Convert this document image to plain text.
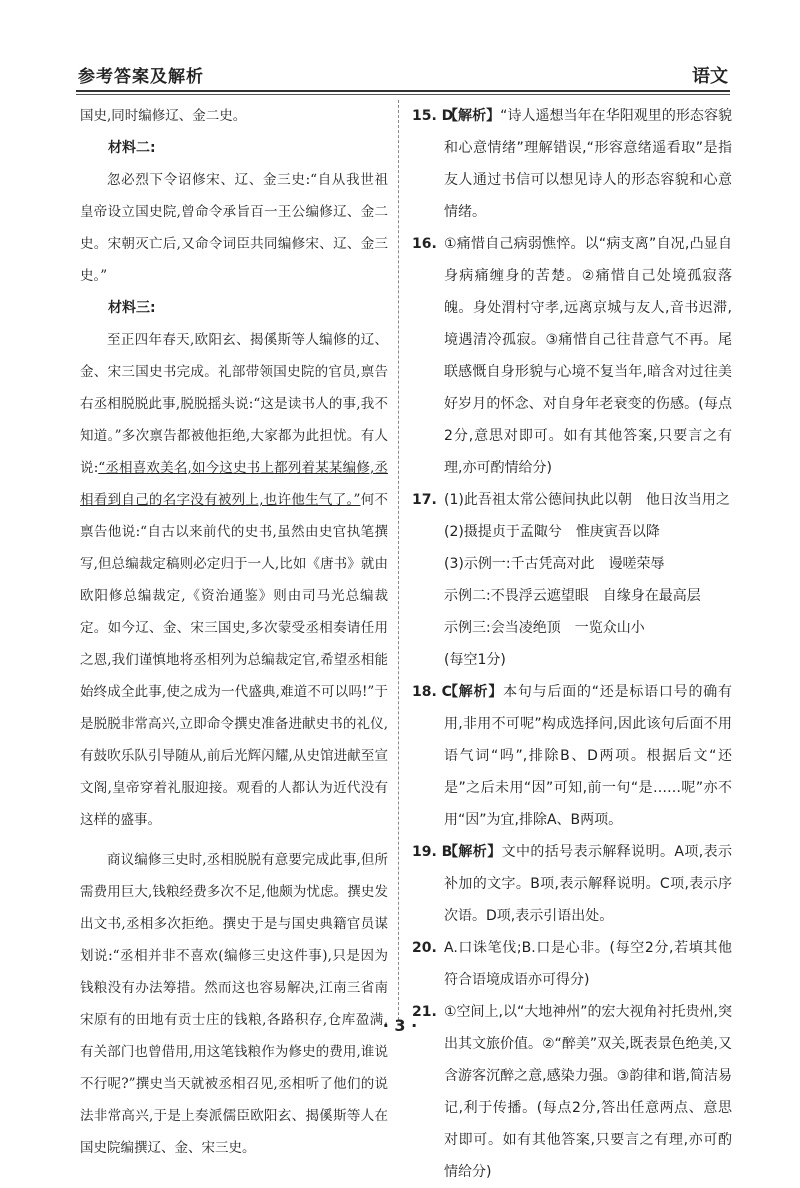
参考答案及解析	语文

国史,同时编修辽、金二史。

材料二:

忽必烈下令诏修宋、辽、金三史:“自从我世祖皇帝设立国史院,曾命令承旨百一王公编修辽、金二史。宋朝灭亡后,又命令词臣共同编修宋、辽、金三史。”

材料三:

至正四年春天,欧阳玄、揭傒斯等人编修的辽、金、宋三国史书完成。礼部带领国史院的官员,禀告右丞相脱脱此事,脱脱摇头说:“这是读书人的事,我不知道。”多次禀告都被他拒绝,大家都为此担忧。有人说:“丞相喜欢美名,如今这史书上都列着某某编修,丞相看到自己的名字没有被列上,也许他生气了。”何不禀告他说:“自古以来前代的史书,虽然由史官执笔撰写,但总编裁定稿则必定归于一人,比如《唐书》就由欧阳修总编裁定,《资治通鉴》则由司马光总编裁定。如今辽、金、宋三国史,多次蒙受丞相奏请任用之恩,我们谨慎地将丞相列为总编裁定官,希望丞相能始终成全此事,使之成为一代盛典,难道不可以吗!”于是脱脱非常高兴,立即命令撰史准备进献史书的礼仪,有鼓吹乐队引导随从,前后光辉闪耀,从史馆进献至宣文阁,皇帝穿着礼服迎接。观看的人都认为近代没有这样的盛事。

商议编修三史时,丞相脱脱有意要完成此事,但所需费用巨大,钱粮经费多次不足,他颇为忧虑。撰史发出文书,丞相多次拒绝。撰史于是与国史典籍官员谋划说:“丞相并非不喜欢(编修三史这件事),只是因为钱粮没有办法筹措。然而这也容易解决,江南三省南宋原有的田地有贡士庄的钱粮,各路积存,仓库盈满,有关部门也曾借用,用这笔钱粮作为修史的费用,谁说不行呢?”撰史当天就被丞相召见,丞相听了他们的说法非常高兴,于是上奏派儒臣欧阳玄、揭傒斯等人在国史院编撰辽、金、宋三史。

15. D

【解析】“诗人遥想当年在华阳观里的形态容貌和心意情绪”理解错误,“形容意绪遥看取”是指友人通过书信可以想见诗人的形态容貌和心意情绪。

16. ①痛惜自己病弱憔悴。以“病支离”自况,凸显自身病痛缠身的苦楚。②痛惜自己处境孤寂落魄。身处渭村守孝,远离京城与友人,音书迟滞,境遇清冷孤寂。③痛惜自己往昔意气不再。尾联感慨自身形貌与心境不复当年,暗含对过往美好岁月的怀念、对自身年老衰变的伤感。(每点2分,意思对即可。如有其他答案,只要言之有理,亦可酌情给分)

17. (1)此吾祖太常公德间执此以朝　他日汝当用之

(2)摄提贞于孟陬兮　惟庚寅吾以降

(3)示例一:千古凭高对此　谩嗟荣辱

示例二:不畏浮云遮望眼　自缘身在最高层

示例三:会当凌绝顶　一览众山小

(每空1分)

18. C

【解析】本句与后面的“还是标语口号的确有用,非用不可呢”构成选择问,因此该句后面不用语气词“吗”,排除B、D两项。根据后文“还是”之后未用“因”可知,前一句“是……呢”亦不用“因”为宜,排除A、B两项。

19. B

【解析】文中的括号表示解释说明。A项,表示补加的文字。B项,表示解释说明。C项,表示序次语。D项,表示引语出处。

20. A.口诛笔伐;B.口是心非。(每空2分,若填其他符合语境成语亦可得分)

21. ①空间上,以“大地神州”的宏大视角衬托贵州,突出其文旅价值。②“醉美”双关,既表景色绝美,又含游客沉醉之意,感染力强。③韵律和谐,简洁易记,利于传播。(每点2分,答出任意两点、意思对即可。如有其他答案,只要言之有理,亦可酌情给分)

· 3 ·
